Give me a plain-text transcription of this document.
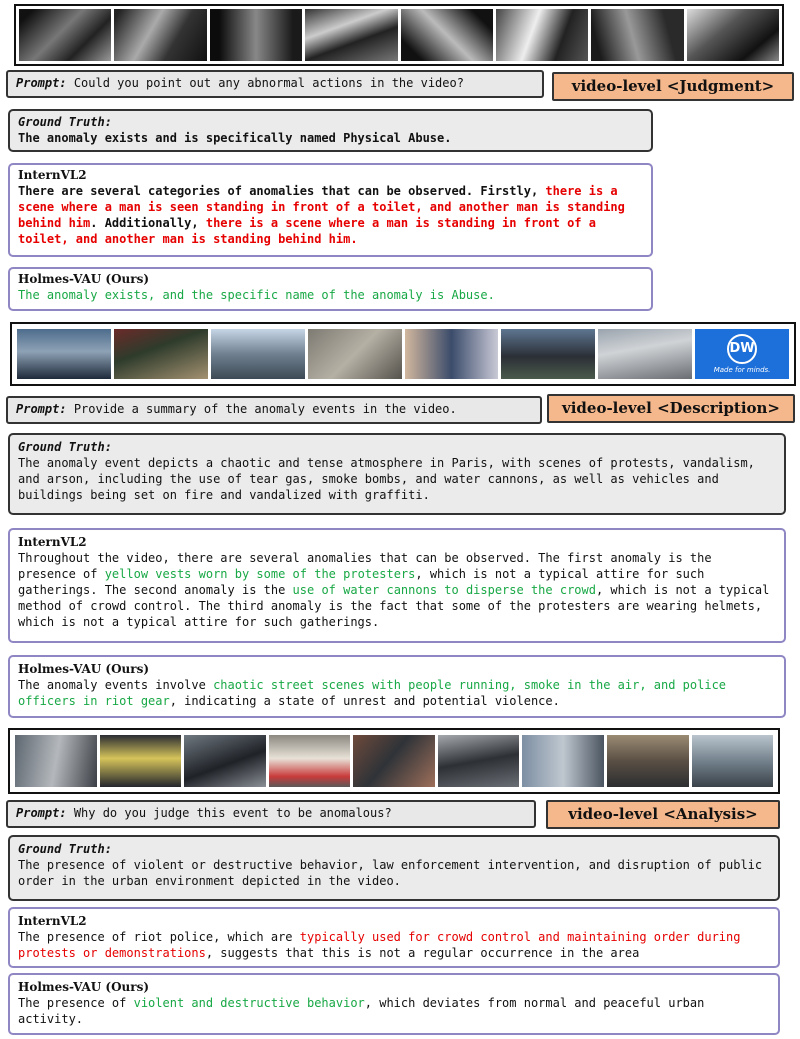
Prompt: Could you point out any abnormal actions in the video?	video-level <Judgment>
Ground Truth:
The anomaly exists and is specifically named Physical Abuse.
InternVL2
There are several categories of anomalies that can be observed. Firstly, there is a scene where a man is seen standing in front of a toilet, and another man is standing behind him. Additionally, there is a scene where a man is standing in front of a toilet, and another man is standing behind him.
Holmes-VAU (Ours)
The anomaly exists, and the specific name of the anomaly is Abuse.
DW
Made for minds.
Prompt: Provide a summary of the anomaly events in the video.	video-level <Description>
Ground Truth:
The anomaly event depicts a chaotic and tense atmosphere in Paris, with scenes of protests, vandalism, and arson, including the use of tear gas, smoke bombs, and water cannons, as well as vehicles and buildings being set on fire and vandalized with graffiti.
InternVL2
Throughout the video, there are several anomalies that can be observed. The first anomaly is the presence of yellow vests worn by some of the protesters, which is not a typical attire for such gatherings. The second anomaly is the use of water cannons to disperse the crowd, which is not a typical method of crowd control. The third anomaly is the fact that some of the protesters are wearing helmets, which is not a typical attire for such gatherings.
Holmes-VAU (Ours)
The anomaly events involve chaotic street scenes with people running, smoke in the air, and police officers in riot gear, indicating a state of unrest and potential violence.
Prompt: Why do you judge this event to be anomalous?	video-level <Analysis>
Ground Truth:
The presence of violent or destructive behavior, law enforcement intervention, and disruption of public order in the urban environment depicted in the video.
InternVL2
The presence of riot police, which are typically used for crowd control and maintaining order during protests or demonstrations, suggests that this is not a regular occurrence in the area
Holmes-VAU (Ours)
The presence of violent and destructive behavior, which deviates from normal and peaceful urban activity.
